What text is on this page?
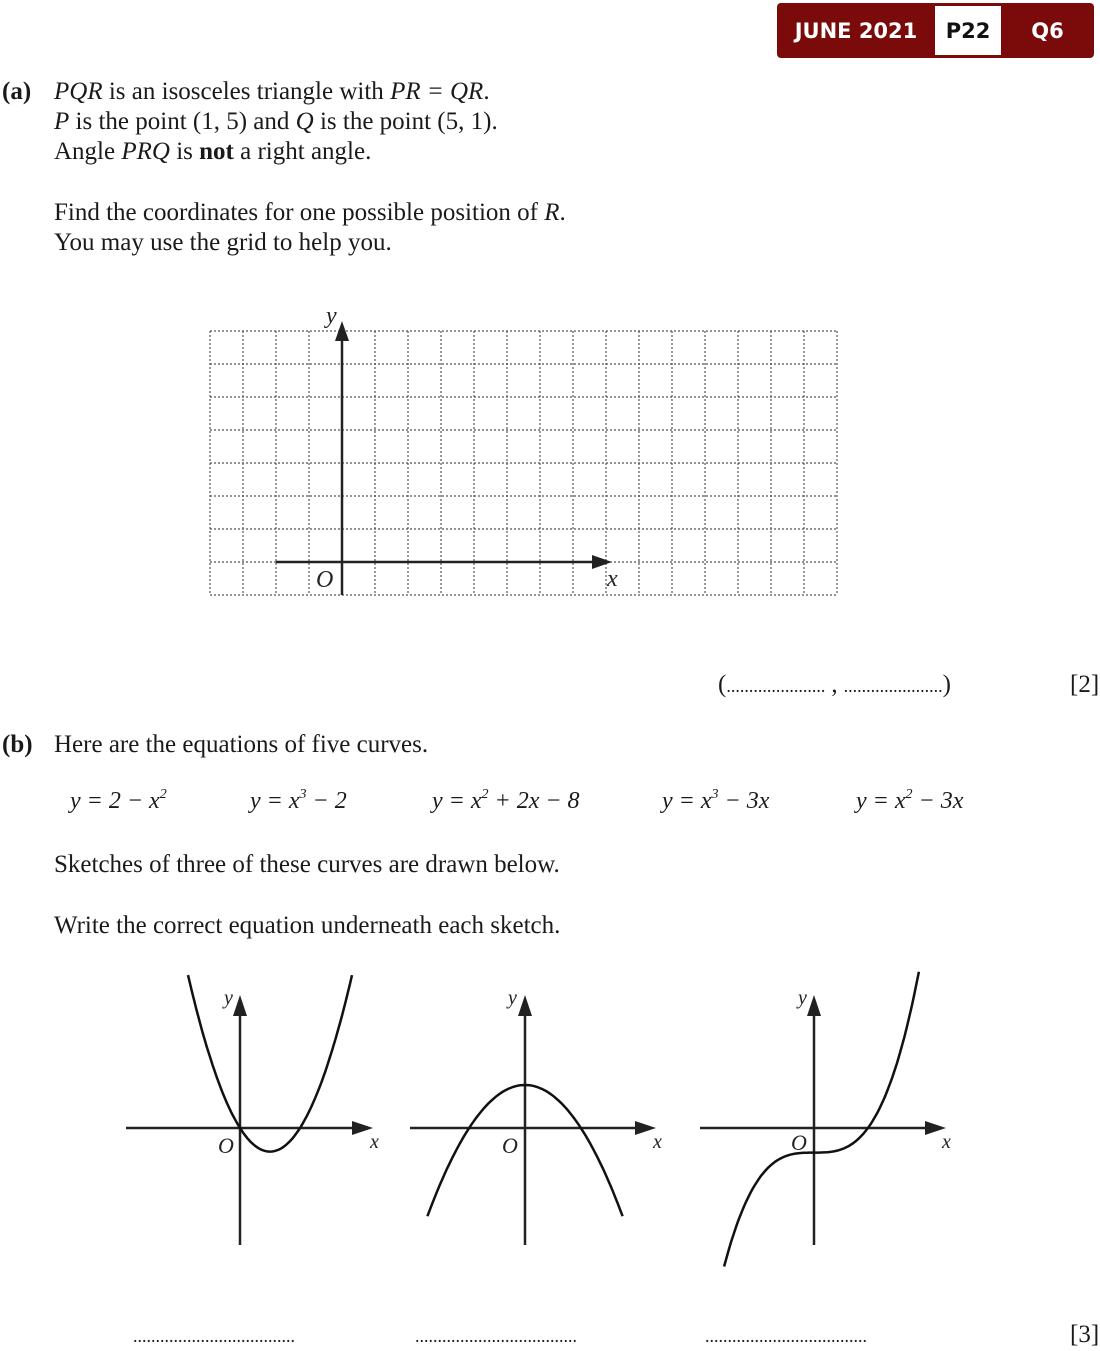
JUNE 2021	P22	Q6
(a) PQR is an isosceles triangle with PR = QR.
P is the point (1, 5) and Q is the point (5, 1).
Angle PRQ is not a right angle.
Find the coordinates for one possible position of R.
You may use the grid to help you.
x
y
O
(...................... , ......................)	[2]
(b) Here are the equations of five curves.
$y = 2 - x^2$	$y = x^3 - 2$	$y = x^2 + 2x - 8$	$y = x^3 - 3x$	$y = x^2 - 3x$
Sketches of three of these curves are drawn below.
Write the correct equation underneath each sketch.
x
y
O	x
y
O	x
y
O
....................................	....................................	....................................	[3]
